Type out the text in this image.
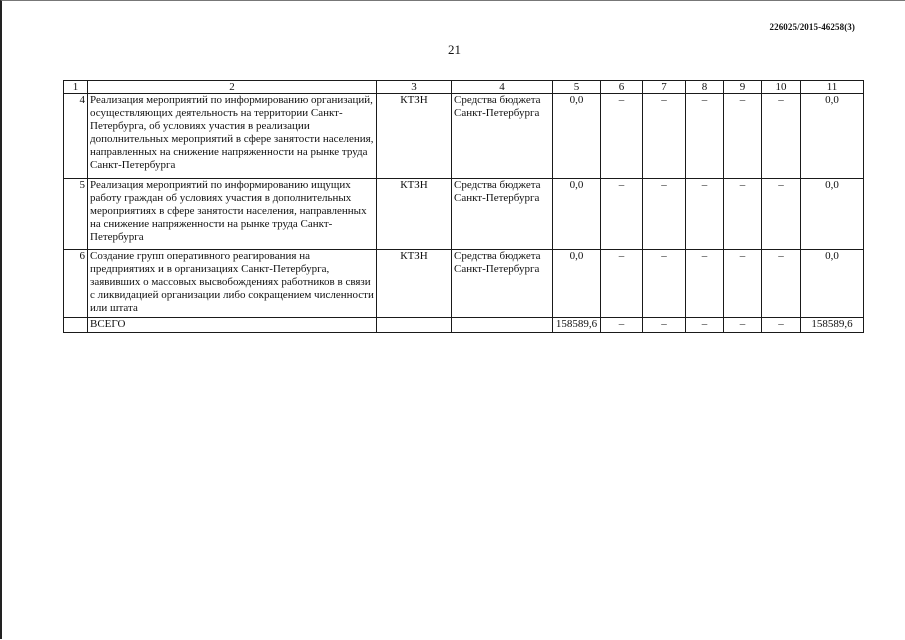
226025/2015-46258(3)
21
1	2	3	4	5	6	7	8	9	10	11
4	Реализация мероприятий по информированию организаций, осуществляющих деятельность на территории Санкт-Петербурга, об условиях участия в реализации дополнительных мероприятий в сфере занятости населения, направленных на снижение напряженности на рынке труда Санкт-Петербурга	КТЗН	Средства бюджета Санкт-Петербурга	0,0	–	–	–	–	–	0,0
5	Реализация мероприятий по информированию ищущих работу граждан об условиях участия в дополнительных мероприятиях в сфере занятости населения, направленных на снижение напряженности на рынке труда Санкт-Петербурга	КТЗН	Средства бюджета Санкт-Петербурга	0,0	–	–	–	–	–	0,0
6	Создание групп оперативного реагирования на предприятиях и в организациях Санкт-Петербурга, заявивших о массовых высвобождениях работников в связи с ликвидацией организации либо сокращением численности или штата	КТЗН	Средства бюджета Санкт-Петербурга	0,0	–	–	–	–	–	0,0
	ВСЕГО			158589,6	–	–	–	–	–	158589,6
